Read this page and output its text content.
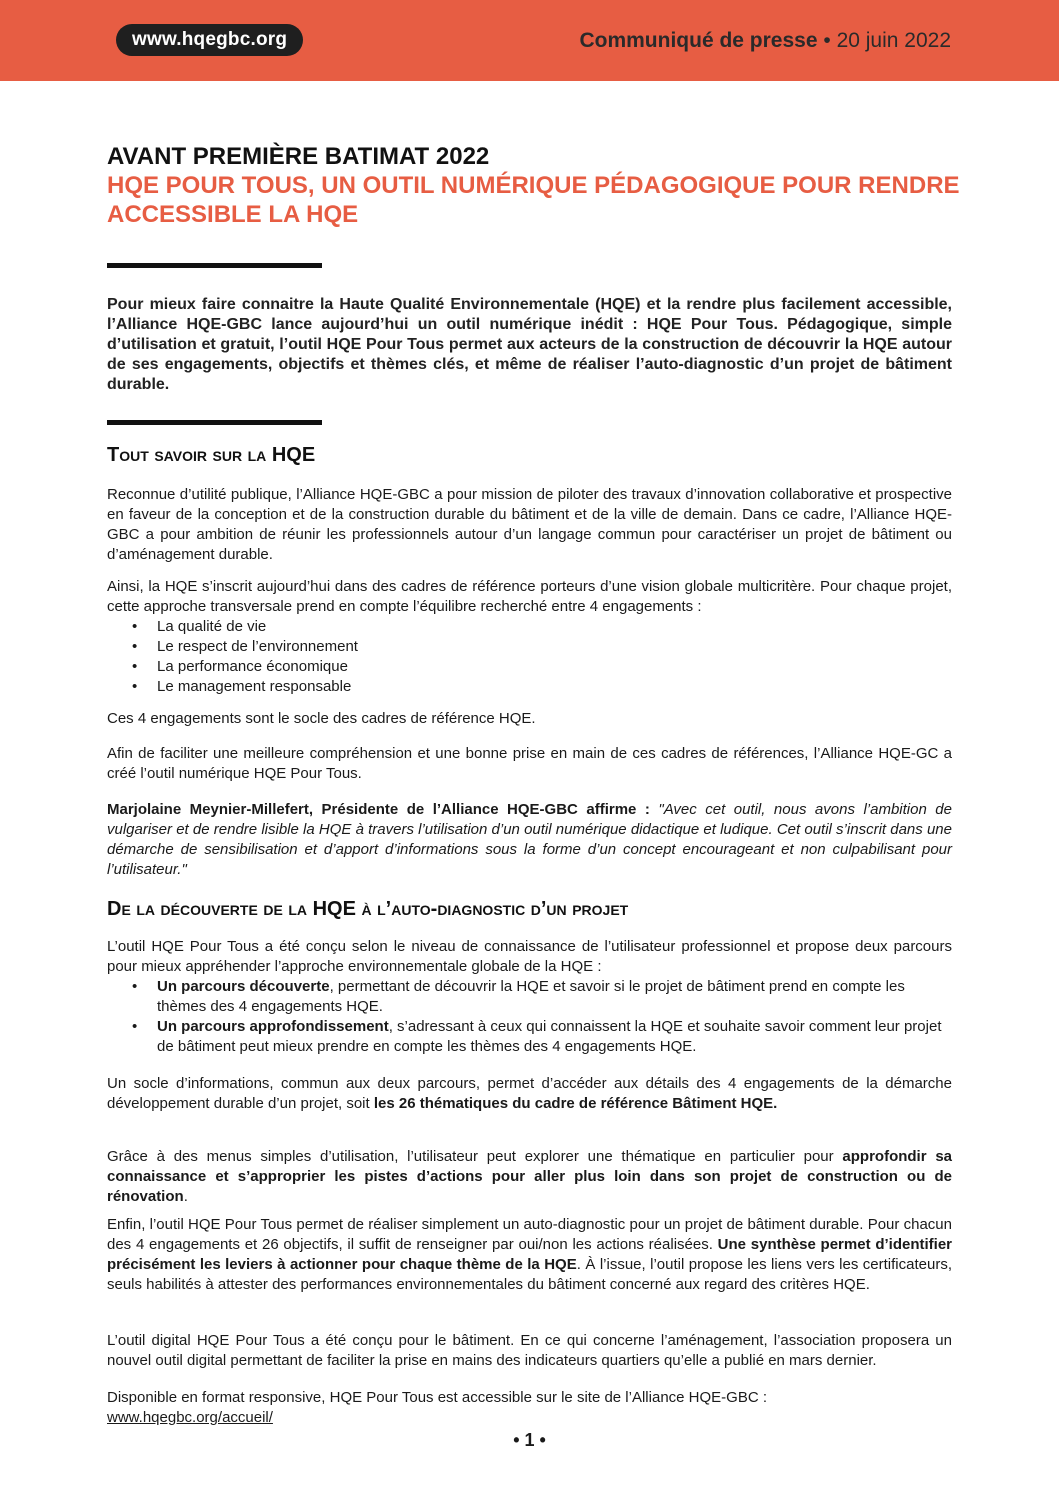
www.hqegbc.org	Communiqué de presse • 20 juin 2022
AVANT PREMIÈRE BATIMAT 2022
HQE POUR TOUS, UN OUTIL NUMÉRIQUE PÉDAGOGIQUE POUR RENDRE ACCESSIBLE LA HQE
Pour mieux faire connaitre la Haute Qualité Environnementale (HQE) et la rendre plus facilement accessible, l’Alliance HQE-GBC lance aujourd’hui un outil numérique inédit : HQE Pour Tous. Pédagogique, simple d’utilisation et gratuit, l’outil HQE Pour Tous permet aux acteurs de la construction de découvrir la HQE autour de ses engagements, objectifs et thèmes clés, et même de réaliser l’auto-diagnostic d’un projet de bâtiment durable.
Tout savoir sur la HQE

Reconnue d’utilité publique, l’Alliance HQE-GBC a pour mission de piloter des travaux d’innovation collaborative et prospective en faveur de la conception et de la construction durable du bâtiment et de la ville de demain. Dans ce cadre, l’Alliance HQE-GBC a pour ambition de réunir les professionnels autour d’un langage commun pour caractériser un projet de bâtiment ou d’aménagement durable.

Ainsi, la HQE s’inscrit aujourd’hui dans des cadres de référence porteurs d’une vision globale multicritère. Pour chaque projet, cette approche transversale prend en compte l’équilibre recherché entre 4 engagements :

• La qualité de vie
• Le respect de l’environnement
• La performance économique
• Le management responsable

Ces 4 engagements sont le socle des cadres de référence HQE.

Afin de faciliter une meilleure compréhension et une bonne prise en main de ces cadres de références, l’Alliance HQE-GC a créé l’outil numérique HQE Pour Tous.

Marjolaine Meynier-Millefert, Présidente de l’Alliance HQE-GBC affirme : "Avec cet outil, nous avons l’ambition de vulgariser et de rendre lisible la HQE à travers l’utilisation d’un outil numérique didactique et ludique. Cet outil s’inscrit dans une démarche de sensibilisation et d’apport d’informations sous la forme d’un concept encourageant et non culpabilisant pour l’utilisateur."

De la découverte de la HQE à l’auto-diagnostic d’un projet

L’outil HQE Pour Tous a été conçu selon le niveau de connaissance de l’utilisateur professionnel et propose deux parcours pour mieux appréhender l’approche environnementale globale de la HQE :

• Un parcours découverte, permettant de découvrir la HQE et savoir si le projet de bâtiment prend en compte les thèmes des 4 engagements HQE.
• Un parcours approfondissement, s’adressant à ceux qui connaissent la HQE et souhaite savoir comment leur projet de bâtiment peut mieux prendre en compte les thèmes des 4 engagements HQE.

Un socle d’informations, commun aux deux parcours, permet d’accéder aux détails des 4 engagements de la démarche développement durable d’un projet, soit les 26 thématiques du cadre de référence Bâtiment HQE.

Grâce à des menus simples d’utilisation, l’utilisateur peut explorer une thématique en particulier pour approfondir sa connaissance et s’approprier les pistes d’actions pour aller plus loin dans son projet de construction ou de rénovation.

Enfin, l’outil HQE Pour Tous permet de réaliser simplement un auto-diagnostic pour un projet de bâtiment durable. Pour chacun des 4 engagements et 26 objectifs, il suffit de renseigner par oui/non les actions réalisées. Une synthèse permet d’identifier précisément les leviers à actionner pour chaque thème de la HQE. À l’issue, l’outil propose les liens vers les certificateurs, seuls habilités à attester des performances environnementales du bâtiment concerné aux regard des critères HQE.

L’outil digital HQE Pour Tous a été conçu pour le bâtiment. En ce qui concerne l’aménagement, l’association proposera un nouvel outil digital permettant de faciliter la prise en mains des indicateurs quartiers qu’elle a publié en mars dernier.

Disponible en format responsive, HQE Pour Tous est accessible sur le site de l’Alliance HQE-GBC :

www.hqegbc.org/accueil/
• 1 •
